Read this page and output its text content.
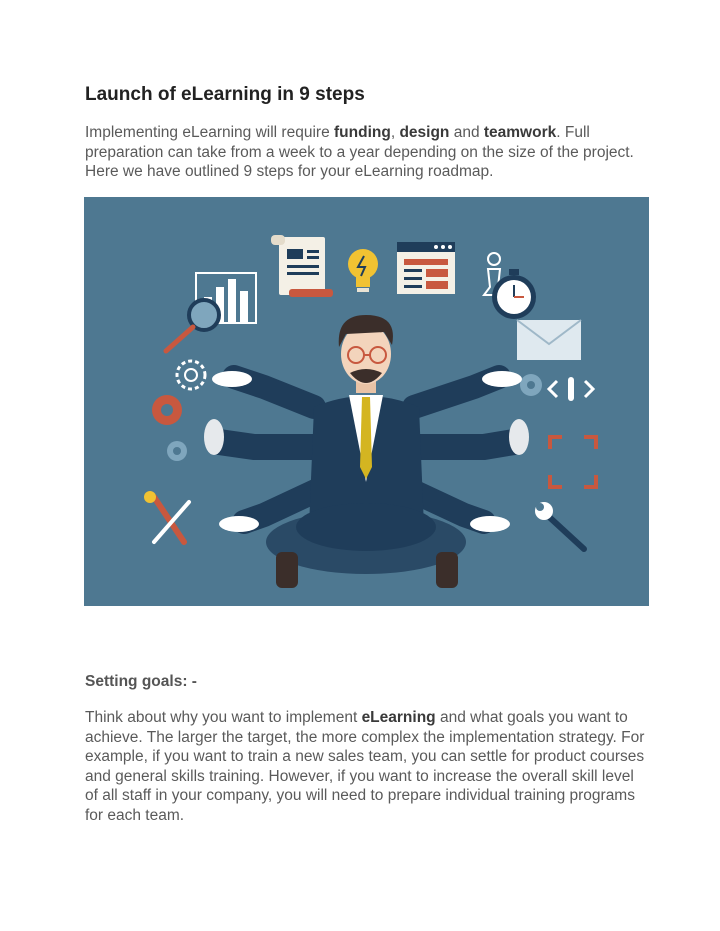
Launch of eLearning in 9 steps

Implementing eLearning will require funding, design and teamwork. Full preparation can take from a week to a year depending on the size of the project. Here we have outlined 9 steps for your eLearning roadmap.

Setting goals: -

Think about why you want to implement eLearning and what goals you want to achieve. The larger the target, the more complex the implementation strategy. For example, if you want to train a new sales team, you can settle for product courses and general skills training. However, if you want to increase the overall skill level of all staff in your company, you will need to prepare individual training programs for each team.
